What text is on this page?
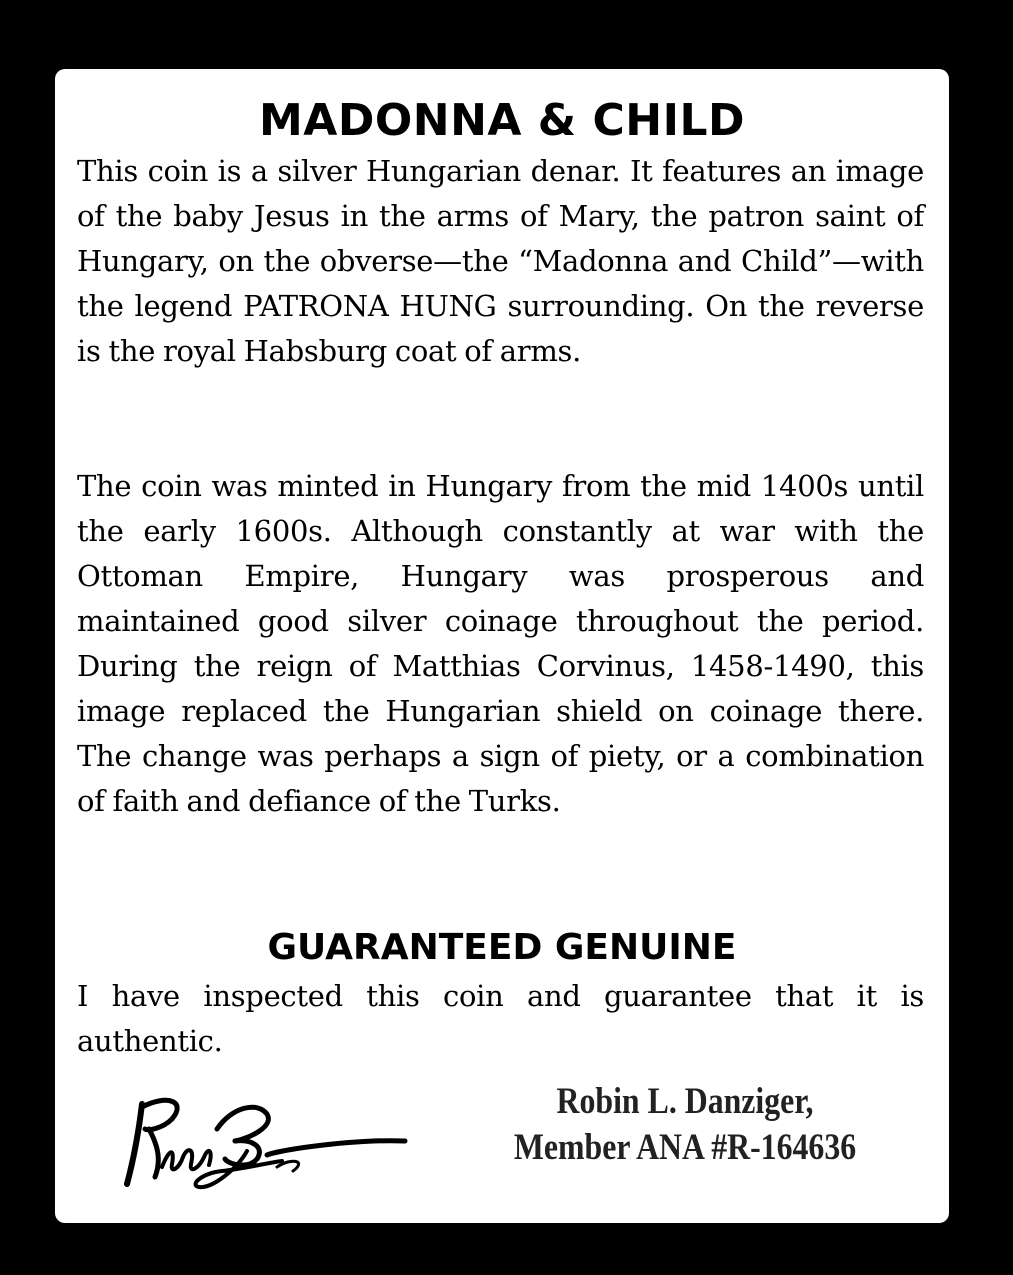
MADONNA & CHILD

This coin is a silver Hungarian denar. It features an image of the baby Jesus in the arms of Mary, the patron saint of Hungary, on the obverse—the “Madonna and Child”—with the legend PATRONA HUNG surrounding. On the reverse is the royal Habsburg coat of arms.

The coin was minted in Hungary from the mid 1400s until the early 1600s. Although constantly at war with the Ottoman Empire, Hungary was prosperous and maintained good silver coinage throughout the period. During the reign of Matthias Corvinus, 1458-1490, this image replaced the Hungarian shield on coinage there. The change was perhaps a sign of piety, or a combination of faith and defiance of the Turks.

GUARANTEED GENUINE

I have inspected this coin and guarantee that it is authentic.

Robin L. Danziger,
Member ANA #R-164636
